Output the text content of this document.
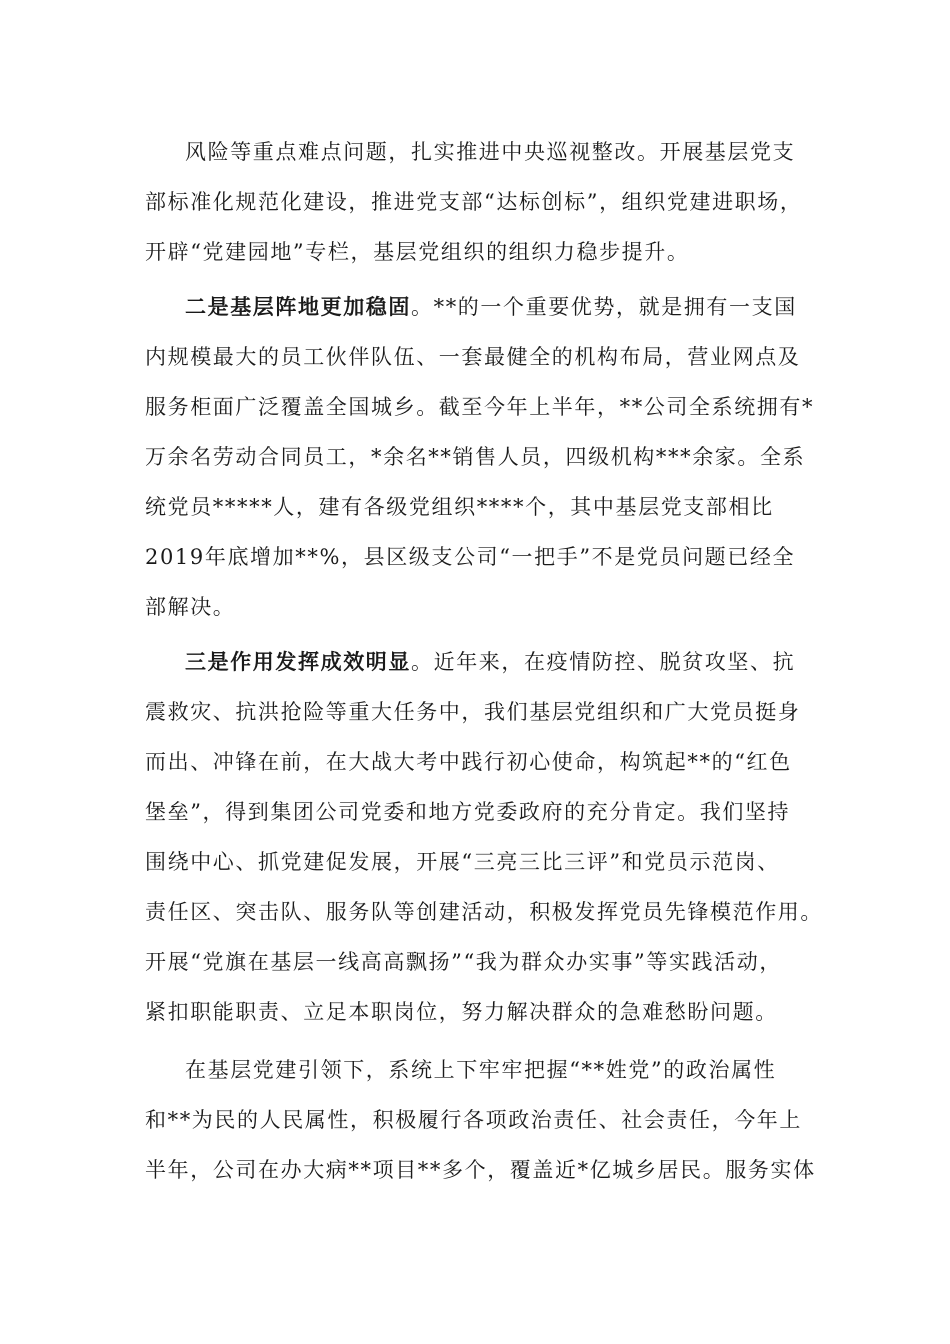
风险等重点难点问题，扎实推进中央巡视整改。开展基层党支
部标准化规范化建设，推进党支部“达标创标”，组织党建进职场，
开辟“党建园地”专栏，基层党组织的组织力稳步提升。
二是基层阵地更加稳固。**的一个重要优势，就是拥有一支国
内规模最大的员工伙伴队伍、一套最健全的机构布局，营业网点及
服务柜面广泛覆盖全国城乡。截至今年上半年，**公司全系统拥有*
万余名劳动合同员工，*余名**销售人员，四级机构***余家。全系
统党员*****人，建有各级党组织****个，其中基层党支部相比
2019年底增加**%，县区级支公司“一把手”不是党员问题已经全
部解决。
三是作用发挥成效明显。近年来，在疫情防控、脱贫攻坚、抗
震救灾、抗洪抢险等重大任务中，我们基层党组织和广大党员挺身
而出、冲锋在前，在大战大考中践行初心使命，构筑起**的“红色
堡垒”，得到集团公司党委和地方党委政府的充分肯定。我们坚持
围绕中心、抓党建促发展，开展“三亮三比三评”和党员示范岗、
责任区、突击队、服务队等创建活动，积极发挥党员先锋模范作用。
开展“党旗在基层一线高高飘扬”“我为群众办实事”等实践活动，
紧扣职能职责、立足本职岗位，努力解决群众的急难愁盼问题。
在基层党建引领下，系统上下牢牢把握“**姓党”的政治属性
和**为民的人民属性，积极履行各项政治责任、社会责任，今年上
半年，公司在办大病**项目**多个，覆盖近*亿城乡居民。服务实体
